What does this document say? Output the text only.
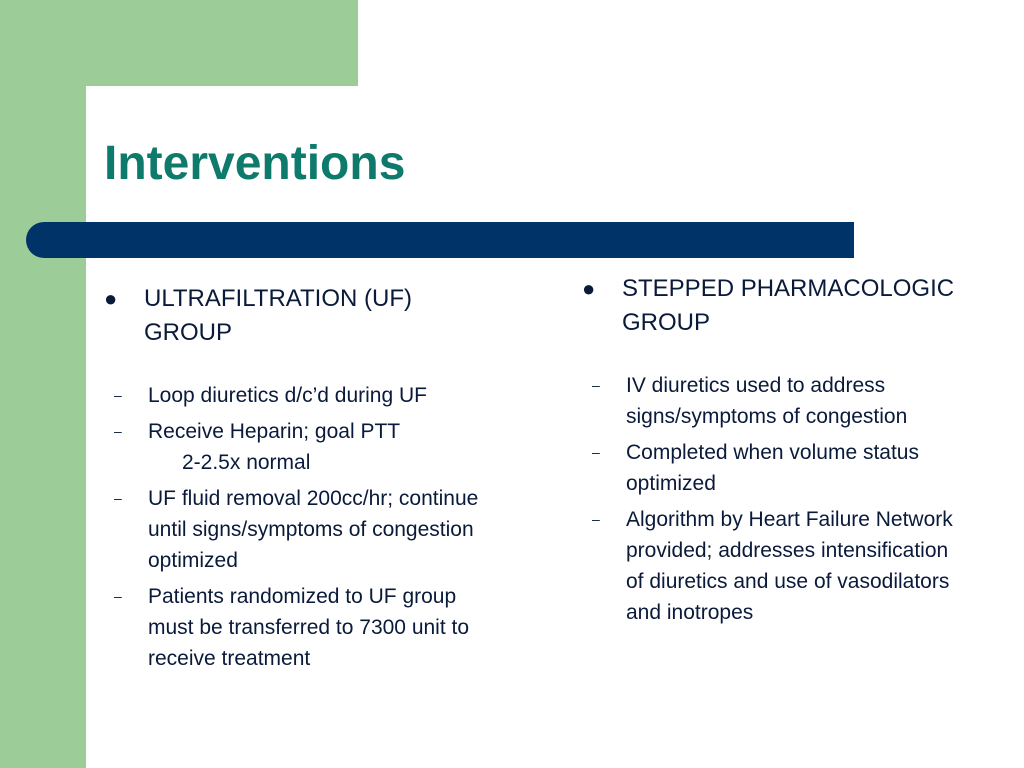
Interventions
●	ULTRAFILTRATION (UF) GROUP
–	Loop diuretics d/c’d during UF
–	Receive Heparin; goal PTT
2-2.5x normal
–	UF fluid removal 200cc/hr; continue until signs/symptoms of congestion optimized
–	Patients randomized to UF group must be transferred to 7300 unit to receive treatment
●	STEPPED PHARMACOLOGIC GROUP
–	IV diuretics used to address signs/symptoms of congestion
–	Completed when volume status optimized
–	Algorithm by Heart Failure Network provided; addresses intensification of diuretics and use of vasodilators and inotropes
